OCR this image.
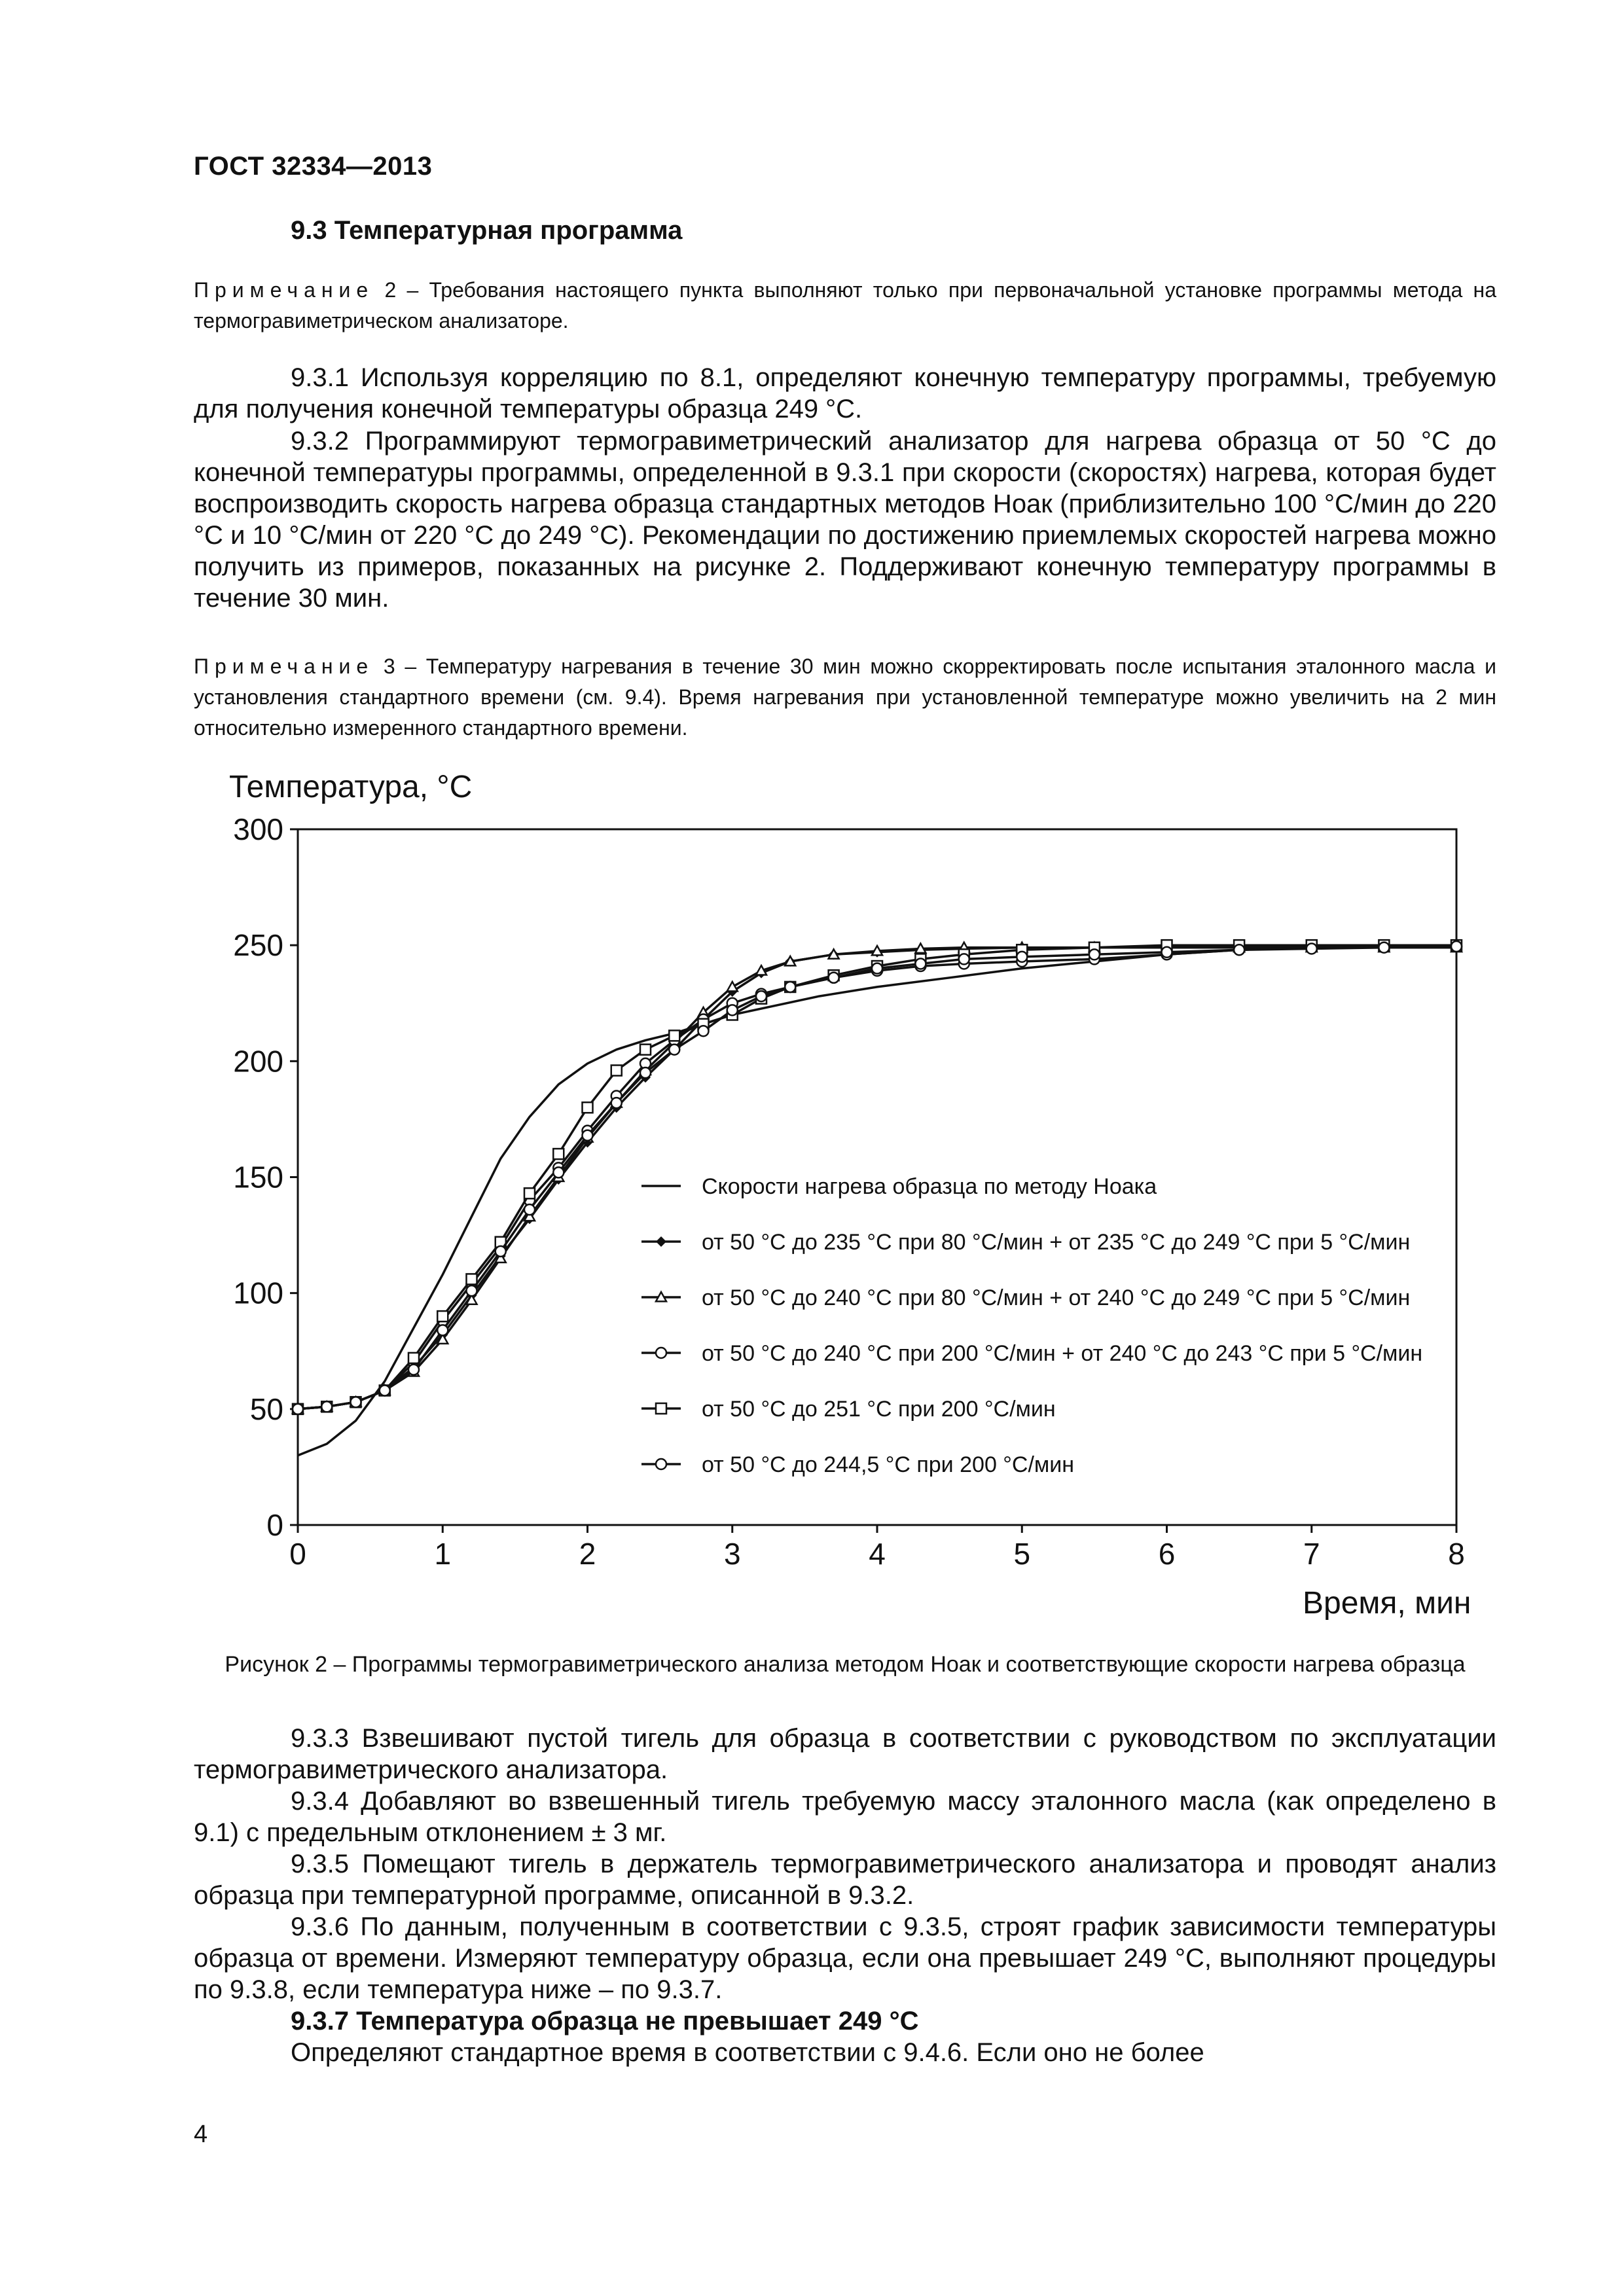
ГОСТ 32334—2013
9.3 Температурная программа
Примечание 2 – Требования настоящего пункта выполняют только при первоначальной установке программы метода на термогравиметрическом анализаторе.
9.3.1 Используя корреляцию по 8.1, определяют конечную температуру программы, требуемую для получения конечной температуры образца 249 °С.
9.3.2 Программируют термогравиметрический анализатор для нагрева образца от 50 °С до конечной температуры программы, определенной в 9.3.1 при скорости (скоростях) нагрева, которая будет воспроизводить скорость нагрева образца стандартных методов Ноак (приблизительно 100 °С/мин до 220 °С и 10 °С/мин от 220 °С до 249 °С). Рекомендации по достижению приемлемых скоростей нагрева можно получить из примеров, показанных на рисунке 2. Поддерживают конечную температуру программы в течение 30 мин.
Примечание 3 – Температуру нагревания в течение 30 мин можно скорректировать после испытания эталонного масла и установления стандартного времени (см. 9.4). Время нагревания при установленной температуре можно увеличить на 2 мин относительно измеренного стандартного времени.
Температура, °С
Время, мин
0
50
100
150
200
250
300
0	1	2	3	4	5	6	7	8
Скорости нагрева образца по методу Ноака
от 50 °С до 235 °С при 80 °С/мин + от 235 °С до 249 °С при 5 °С/мин
от 50 °С до 240 °С при 80 °С/мин + от 240 °С до 249 °С при 5 °С/мин
от 50 °С до 240 °С при 200 °С/мин + от 240 °С до 243 °С при 5 °С/мин
от 50 °С до 251 °С при 200 °С/мин
от 50 °С до 244,5 °С при 200 °С/мин
Рисунок 2 – Программы термогравиметрического анализа методом Ноак и соответствующие скорости нагрева образца
9.3.3 Взвешивают пустой тигель для образца в соответствии с руководством по эксплуатации термогравиметрического анализатора.
9.3.4 Добавляют во взвешенный тигель требуемую массу эталонного масла (как определено в 9.1) с предельным отклонением ± 3 мг.
9.3.5 Помещают тигель в держатель термогравиметрического анализатора и проводят анализ образца при температурной программе, описанной в 9.3.2.
9.3.6 По данным, полученным в соответствии с 9.3.5, строят график зависимости температуры образца от времени. Измеряют температуру образца, если она превышает 249 °С, выполняют процедуры по 9.3.8, если температура ниже – по 9.3.7.
9.3.7 Температура образца не превышает 249 °С
Определяют стандартное время в соответствии с 9.4.6. Если оно не более
4
